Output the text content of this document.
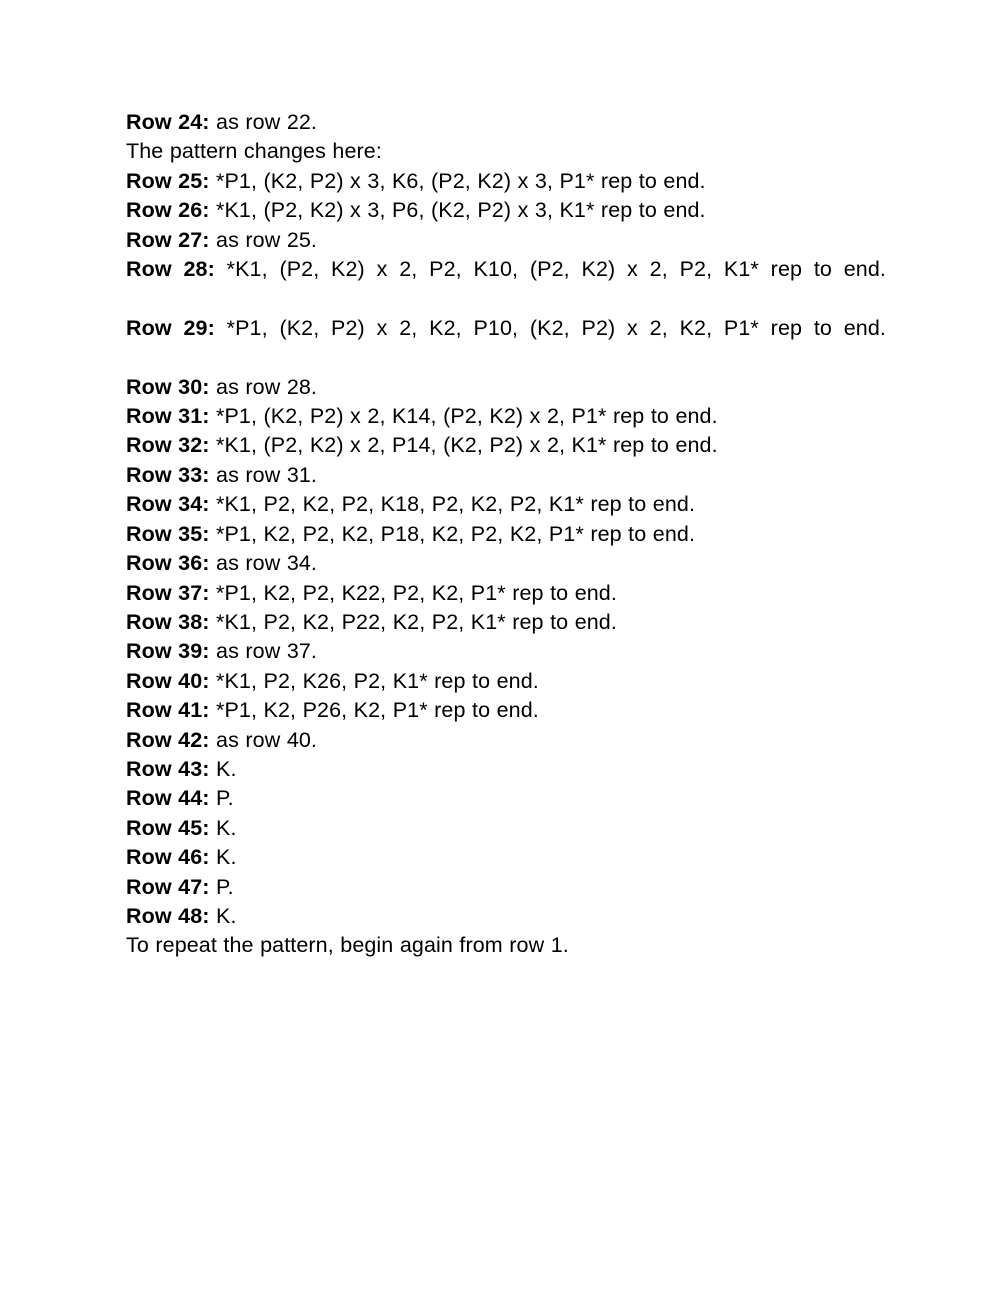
Row 24: as row 22.

The pattern changes here:

Row 25: *P1, (K2, P2) x 3, K6, (P2, K2) x 3, P1* rep to end.

Row 26: *K1, (P2, K2) x 3, P6, (K2, P2) x 3, K1* rep to end.

Row 27: as row 25.

Row 28: *K1, (P2, K2) x 2, P2, K10, (P2, K2) x 2, P2, K1* rep to end.

Row 29: *P1, (K2, P2) x 2, K2, P10, (K2, P2) x 2, K2, P1* rep to end.

Row 30: as row 28.

Row 31: *P1, (K2, P2) x 2, K14, (P2, K2) x 2, P1* rep to end.

Row 32: *K1, (P2, K2) x 2, P14, (K2, P2) x 2, K1* rep to end.

Row 33: as row 31.

Row 34: *K1, P2, K2, P2, K18, P2, K2, P2, K1* rep to end.

Row 35: *P1, K2, P2, K2, P18, K2, P2, K2, P1* rep to end.

Row 36: as row 34.

Row 37: *P1, K2, P2, K22, P2, K2, P1* rep to end.

Row 38: *K1, P2, K2, P22, K2, P2, K1* rep to end.

Row 39: as row 37.

Row 40: *K1, P2, K26, P2, K1* rep to end.

Row 41: *P1, K2, P26, K2, P1* rep to end.

Row 42: as row 40.

Row 43: K.

Row 44: P.

Row 45: K.

Row 46: K.

Row 47: P.

Row 48: K.

To repeat the pattern, begin again from row 1.
